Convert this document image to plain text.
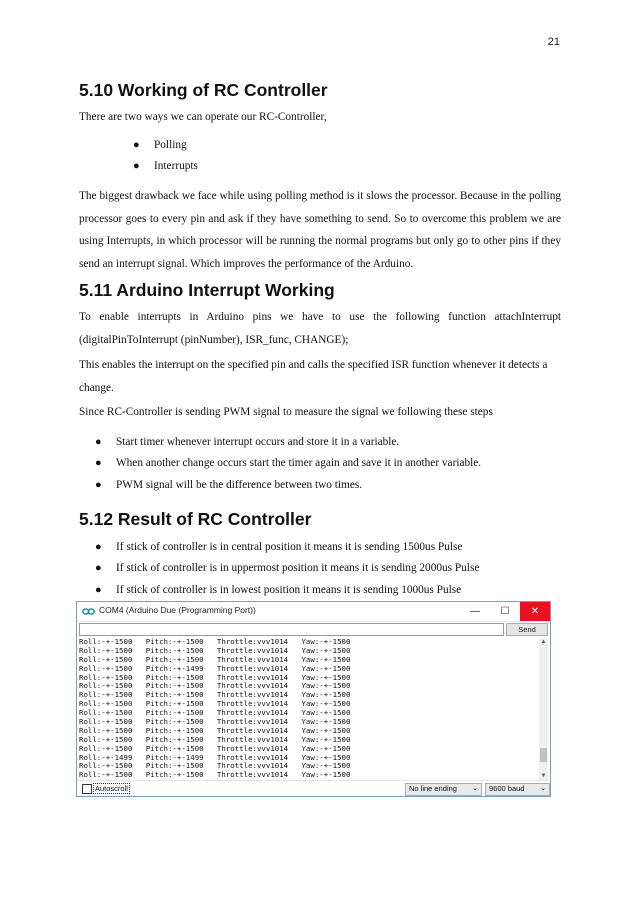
21
5.10 Working of RC Controller

There are two ways we can operate our RC-Controller,

● Polling
● Interrupts

The biggest drawback we face while using polling method is it slows the processor. Because in the polling processor goes to every pin and ask if they have something to send. So to overcome this problem we are using Interrupts, in which processor will be running the normal programs but only go to other pins if they send an interrupt signal. Which improves the performance of the Arduino.

5.11 Arduino Interrupt Working

To enable interrupts in Arduino pins we have to use the following function attachInterrupt (digitalPinToInterrupt (pinNumber), ISR_func, CHANGE);

This enables the interrupt on the specified pin and calls the specified ISR function whenever it detects a change.

Since RC-Controller is sending PWM signal to measure the signal we following these steps

● Start timer whenever interrupt occurs and store it in a variable.
● When another change occurs start the timer again and save it in another variable.
● PWM signal will be the difference between two times.
5.12 Result of RC Controller
● If stick of controller is in central position it means it is sending 1500us Pulse
● If stick of controller is in uppermost position it means it is sending 2000us Pulse
● If stick of controller is in lowest position it means it is sending 1000us Pulse
COM4 (Arduino Due (Programming Port))	—	☐	✕
Send
Roll:-+-1500   Pitch:-+-1500   Throttle:vvv1014   Yaw:-+-1500
Roll:-+-1500   Pitch:-+-1500   Throttle:vvv1014   Yaw:-+-1500
Roll:-+-1500   Pitch:-+-1500   Throttle:vvv1014   Yaw:-+-1500
Roll:-+-1500   Pitch:-+-1499   Throttle:vvv1014   Yaw:-+-1500
Roll:-+-1500   Pitch:-+-1500   Throttle:vvv1014   Yaw:-+-1500
Roll:-+-1500   Pitch:-+-1500   Throttle:vvv1014   Yaw:-+-1500
Roll:-+-1500   Pitch:-+-1500   Throttle:vvv1014   Yaw:-+-1500
Roll:-+-1500   Pitch:-+-1500   Throttle:vvv1014   Yaw:-+-1500
Roll:-+-1500   Pitch:-+-1500   Throttle:vvv1014   Yaw:-+-1500
Roll:-+-1500   Pitch:-+-1500   Throttle:vvv1014   Yaw:-+-1500
Roll:-+-1500   Pitch:-+-1500   Throttle:vvv1014   Yaw:-+-1500
Roll:-+-1500   Pitch:-+-1500   Throttle:vvv1014   Yaw:-+-1500
Roll:-+-1500   Pitch:-+-1500   Throttle:vvv1014   Yaw:-+-1500
Roll:-+-1499   Pitch:-+-1499   Throttle:vvv1014   Yaw:-+-1500
Roll:-+-1500   Pitch:-+-1500   Throttle:vvv1014   Yaw:-+-1500
Roll:-+-1500   Pitch:-+-1500   Throttle:vvv1014   Yaw:-+-1500
▲
▼
Autoscroll	No line ending ⌄	9600 baud ⌄
